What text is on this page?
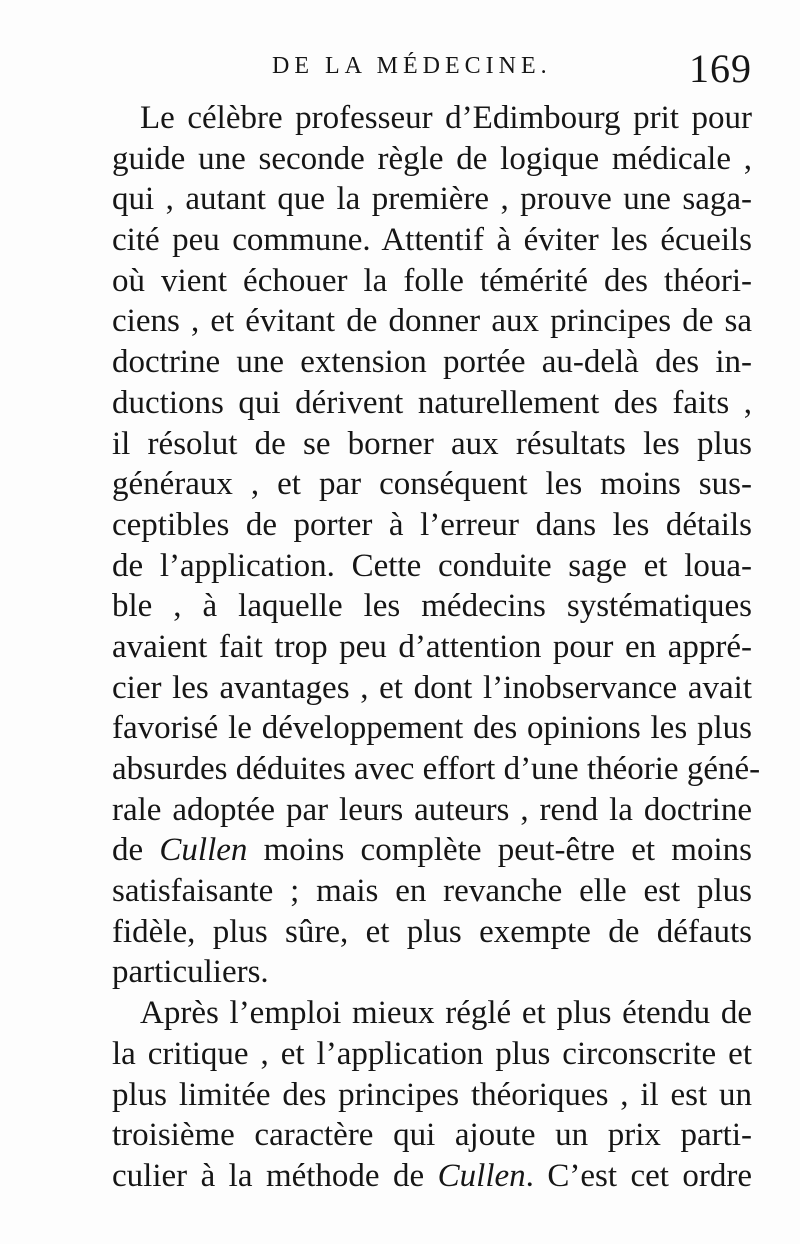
DE LA MÉDECINE.	169
Le célèbre professeur d’Edimbourg prit pour
guide une seconde règle de logique médicale ,
qui , autant que la première , prouve une saga-
cité peu commune. Attentif à éviter les écueils
où vient échouer la folle témérité des théori-
ciens , et évitant de donner aux principes de sa
doctrine une extension portée au-delà des in-
ductions qui dérivent naturellement des faits ,
il résolut de se borner aux résultats les plus
généraux , et par conséquent les moins sus-
ceptibles de porter à l’erreur dans les détails
de l’application. Cette conduite sage et loua-
ble , à laquelle les médecins systématiques
avaient fait trop peu d’attention pour en appré-
cier les avantages , et dont l’inobservance avait
favorisé le développement des opinions les plus
absurdes déduites avec effort d’une théorie géné-
rale adoptée par leurs auteurs , rend la doctrine
de Cullen moins complète peut-être et moins
satisfaisante ; mais en revanche elle est plus
fidèle, plus sûre, et plus exempte de défauts
particuliers.
Après l’emploi mieux réglé et plus étendu de
la critique , et l’application plus circonscrite et
plus limitée des principes théoriques , il est un
troisième caractère qui ajoute un prix parti-
culier à la méthode de Cullen. C’est cet ordre
